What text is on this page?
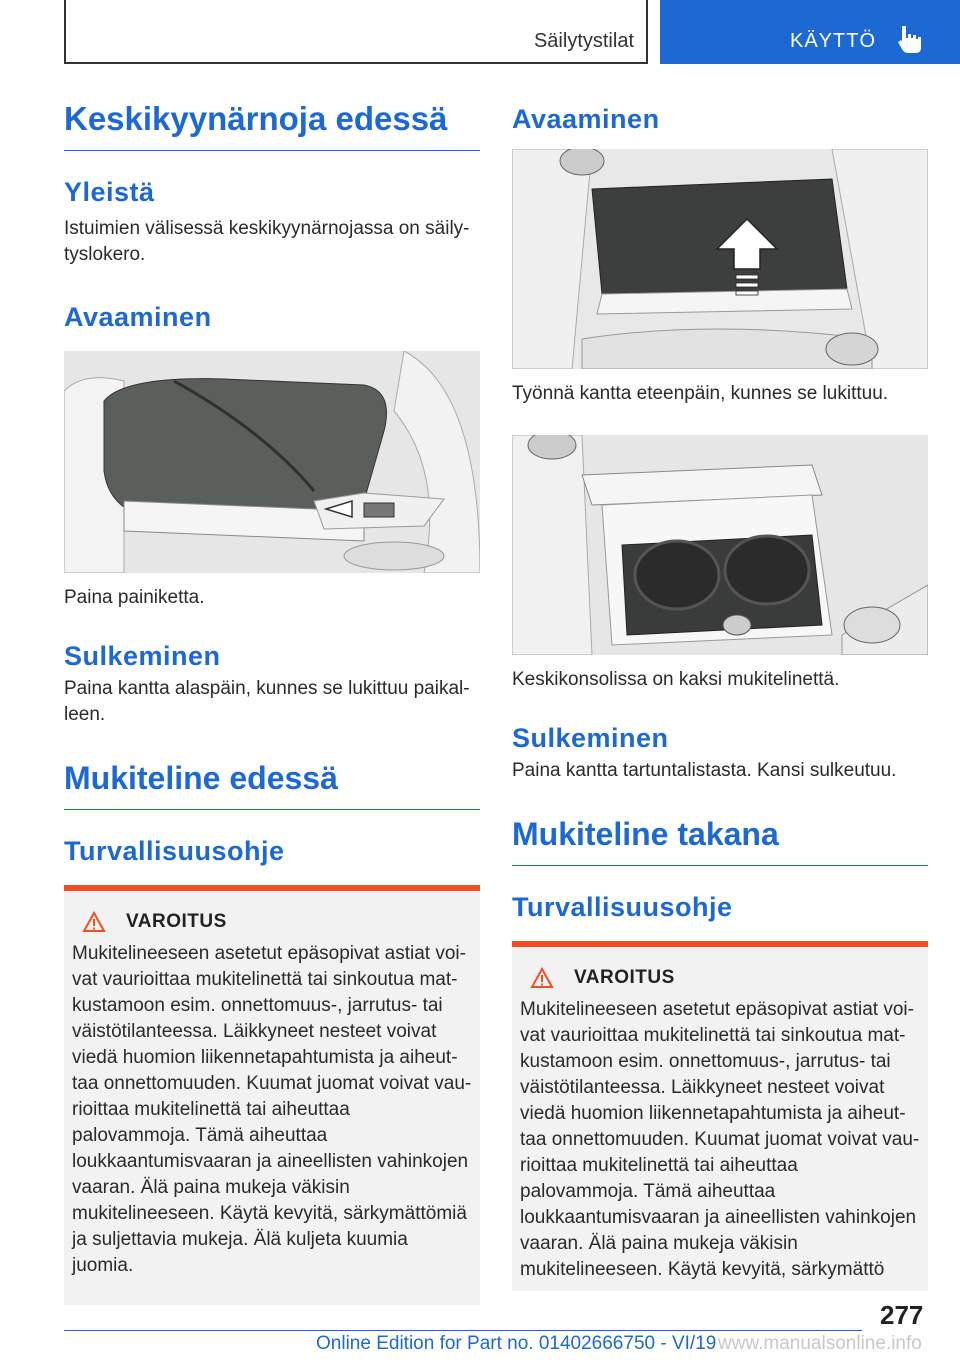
Säilytystilat	KÄYTTÖ
Keskikyynärnoja edessä
Yleistä

Istuimien välisessä keskikyynärnojassa on säilytyslokero.

Avaaminen

Paina painiketta.

Sulkeminen

Paina kantta alaspäin, kunnes se lukittuu paikalleen.

Mukiteline edessä
Turvallisuusohje
VAROITUS

Mukitelineeseen asetetut epäsopivat astiat voivat vaurioittaa mukitelinettä tai sinkoutua matkustamoon esim. onnettomuus-, jarrutus- tai väistötilanteessa. Läikkyneet nesteet voivat viedä huomion liikennetapahtumista ja aiheuttaa onnettomuuden. Kuumat juomat voivat vaurioittaa mukitelinettä tai aiheuttaa palovammoja. Tämä aiheuttaa loukkaantumisvaaran ja aineellisten vahinkojen vaaran. Älä paina mukeja väkisin mukitelineeseen. Käytä kevyitä, särkymättömiä ja suljettavia mukeja. Älä kuljeta kuumia juomia.

Avaaminen

Työnnä kantta eteenpäin, kunnes se lukittuu.

Keskikonsolissa on kaksi mukitelinettä.

Sulkeminen

Paina kantta tartuntalistasta. Kansi sulkeutuu.

Mukiteline takana
Turvallisuusohje
VAROITUS

Mukitelineeseen asetetut epäsopivat astiat voivat vaurioittaa mukitelinettä tai sinkoutua matkustamoon esim. onnettomuus-, jarrutus- tai väistötilanteessa. Läikkyneet nesteet voivat viedä huomion liikennetapahtumista ja aiheuttaa onnettomuuden. Kuumat juomat voivat vaurioittaa mukitelinettä tai aiheuttaa palovammoja. Tämä aiheuttaa loukkaantumisvaaran ja aineellisten vahinkojen vaaran. Älä paina mukeja väkisin mukitelineeseen. Käytä kevyitä, särkymättö

277
Online Edition for Part no. 01402666750 - VI/19 www.manualsonline.info
